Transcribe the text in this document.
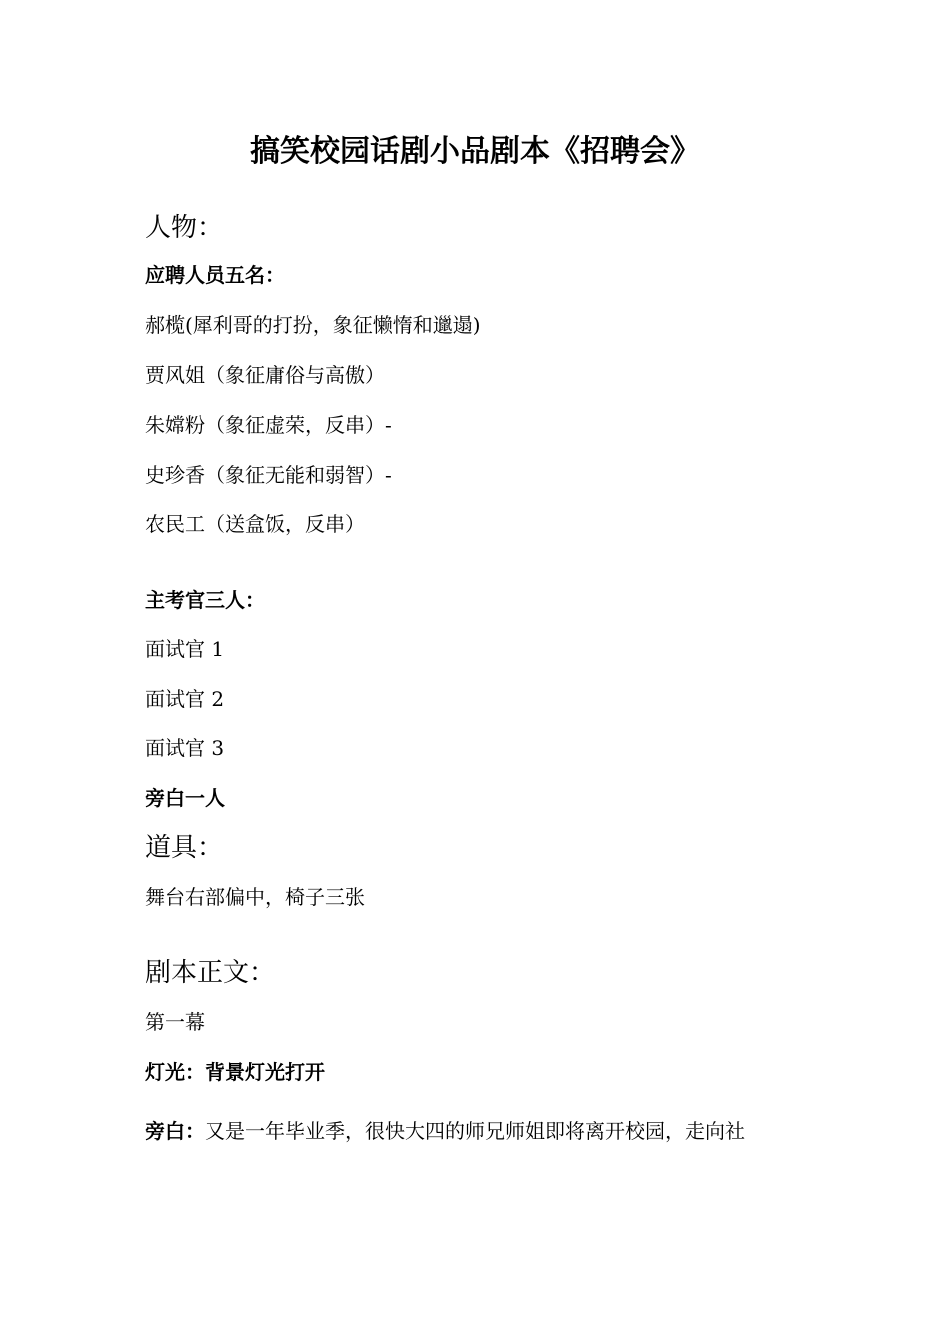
搞笑校园话剧小品剧本《招聘会》
人物：
应聘人员五名：
郝榄(犀利哥的打扮，象征懒惰和邋遢)
贾风姐（象征庸俗与高傲）
朱嫦粉（象征虚荣，反串）-
史珍香（象征无能和弱智）-
农民工（送盒饭，反串）
主考官三人：
面试官 1
面试官 2
面试官 3
旁白一人
道具：
舞台右部偏中，椅子三张
剧本正文：
第一幕
灯光：背景灯光打开
旁白：又是一年毕业季，很快大四的师兄师姐即将离开校园，走向社
